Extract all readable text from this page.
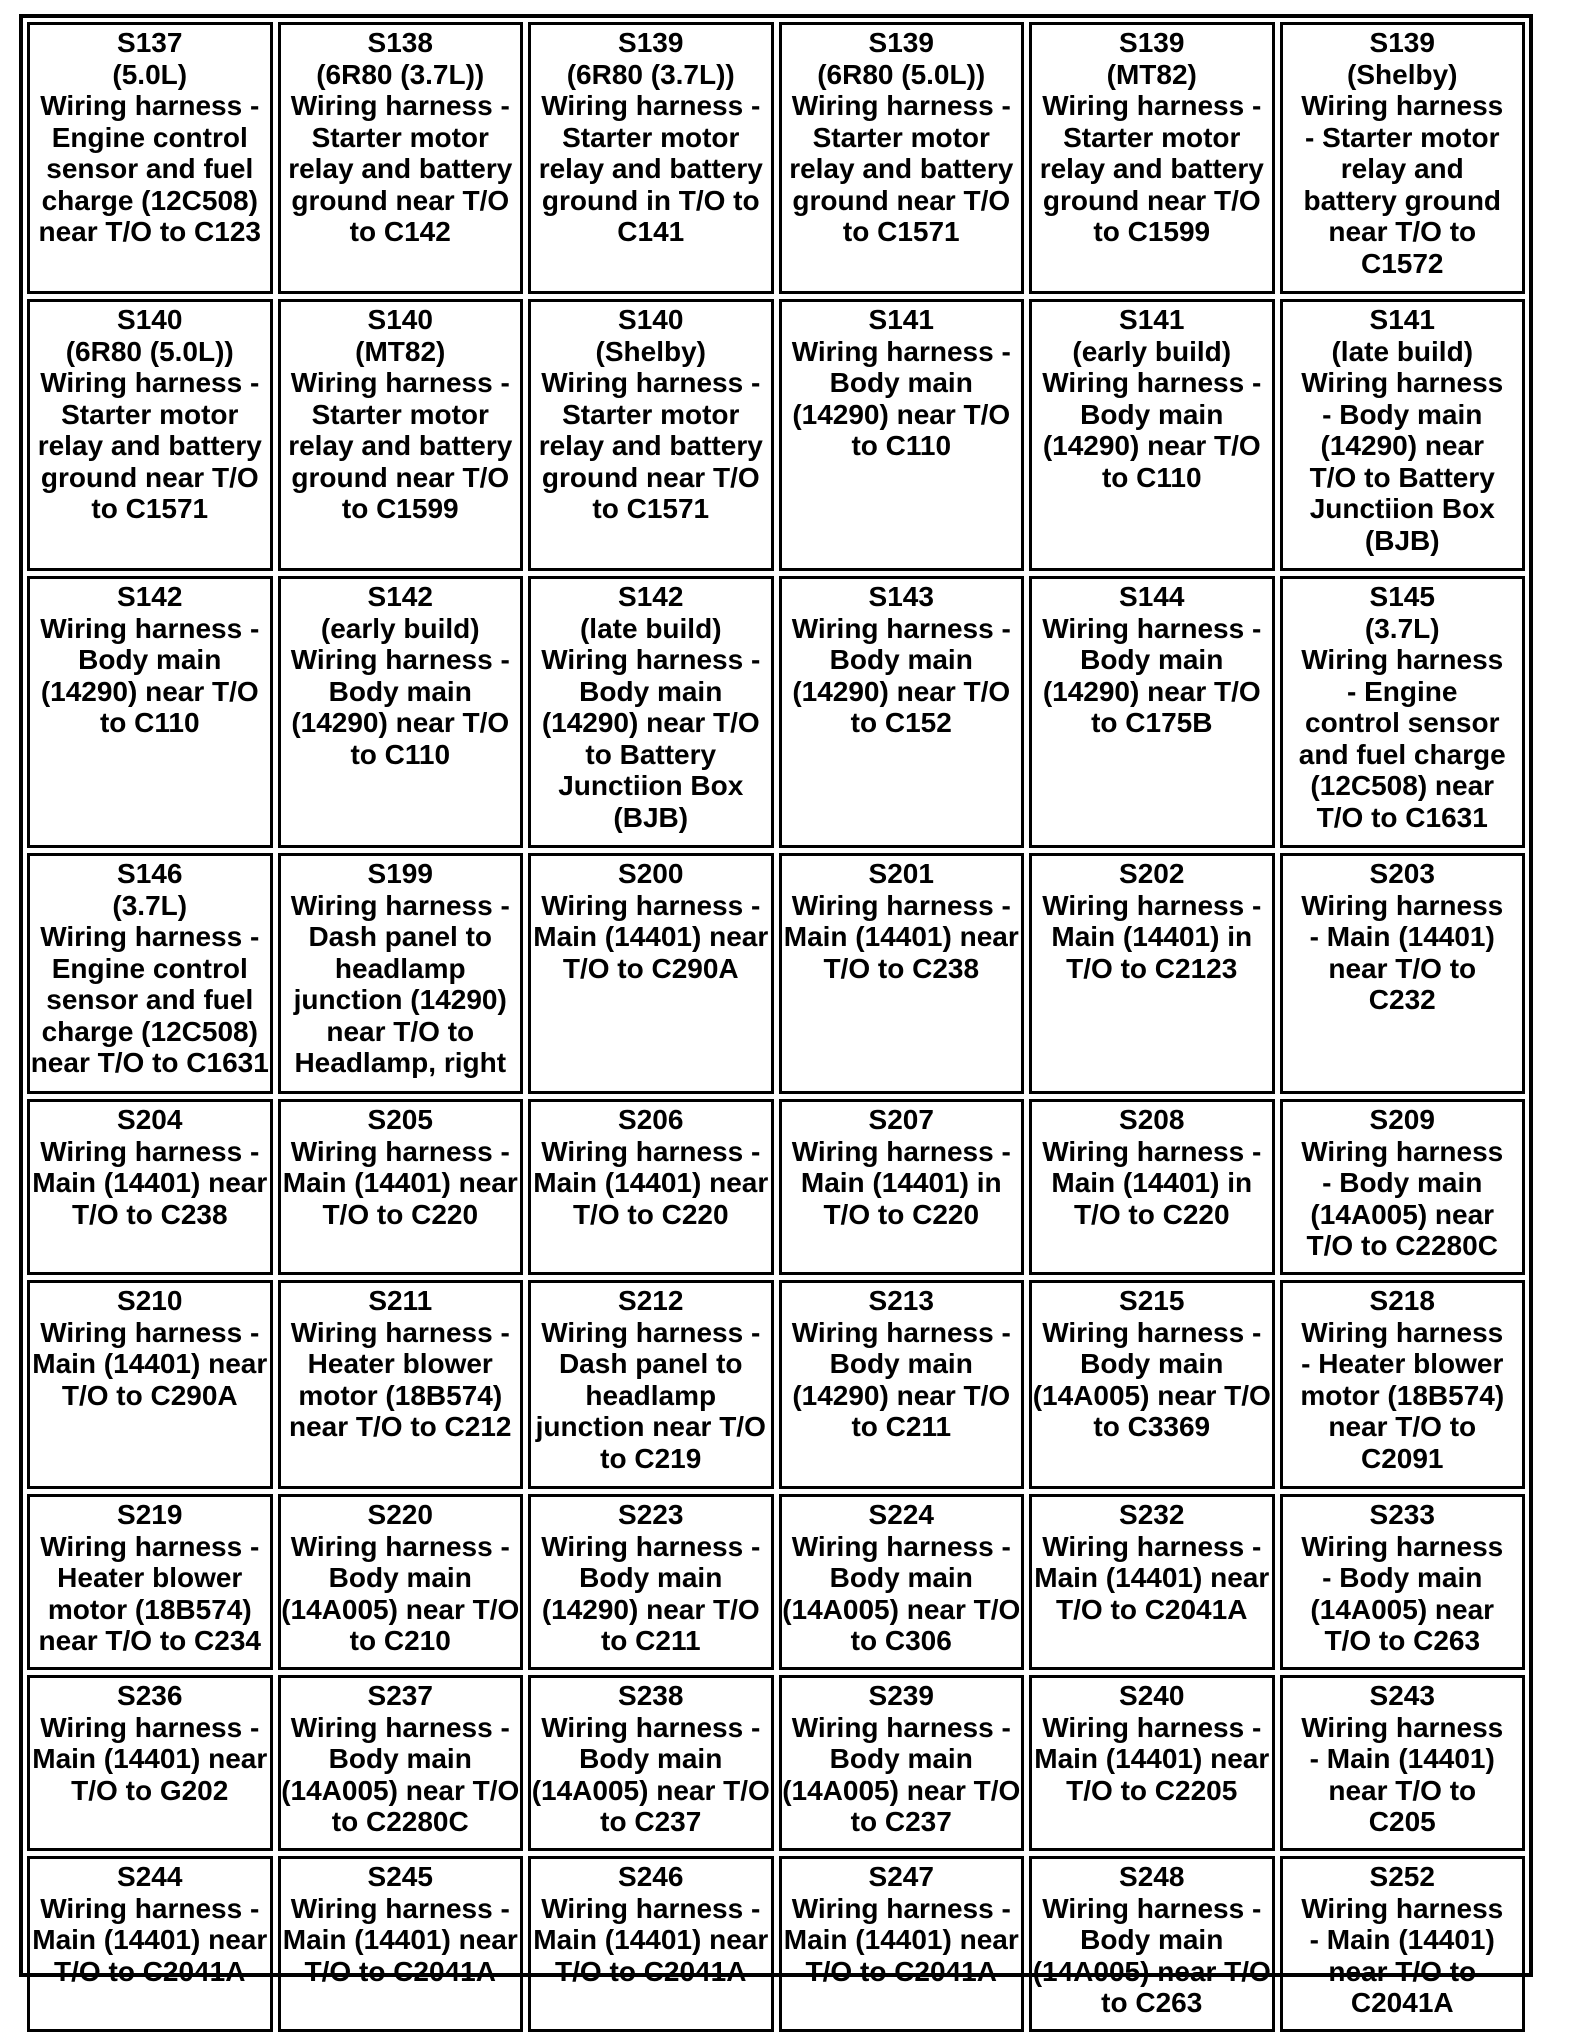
S137
(5.0L)
Wiring harness -
Engine control
sensor and fuel
charge (12C508)
near T/O to C123
S138
(6R80 (3.7L))
Wiring harness -
Starter motor
relay and battery
ground near T/O
to C142
S139
(6R80 (3.7L))
Wiring harness -
Starter motor
relay and battery
ground in T/O to
C141
S139
(6R80 (5.0L))
Wiring harness -
Starter motor
relay and battery
ground near T/O
to C1571
S139
(MT82)
Wiring harness -
Starter motor
relay and battery
ground near T/O
to C1599
S139
(Shelby)
Wiring harness
- Starter motor
relay and
battery ground
near T/O to
C1572
S140
(6R80 (5.0L))
Wiring harness -
Starter motor
relay and battery
ground near T/O
to C1571
S140
(MT82)
Wiring harness -
Starter motor
relay and battery
ground near T/O
to C1599
S140
(Shelby)
Wiring harness -
Starter motor
relay and battery
ground near T/O
to C1571
S141
Wiring harness -
Body main
(14290) near T/O
to C110
S141
(early build)
Wiring harness -
Body main
(14290) near T/O
to C110
S141
(late build)
Wiring harness
- Body main
(14290) near
T/O to Battery
Junctiion Box
(BJB)
S142
Wiring harness -
Body main
(14290) near T/O
to C110
S142
(early build)
Wiring harness -
Body main
(14290) near T/O
to C110
S142
(late build)
Wiring harness -
Body main
(14290) near T/O
to Battery
Junctiion Box
(BJB)
S143
Wiring harness -
Body main
(14290) near T/O
to C152
S144
Wiring harness -
Body main
(14290) near T/O
to C175B
S145
(3.7L)
Wiring harness
- Engine
control sensor
and fuel charge
(12C508) near
T/O to C1631
S146
(3.7L)
Wiring harness -
Engine control
sensor and fuel
charge (12C508)
near T/O to C1631
S199
Wiring harness -
Dash panel to
headlamp
junction (14290)
near T/O to
Headlamp, right
S200
Wiring harness -
Main (14401) near
T/O to C290A
S201
Wiring harness -
Main (14401) near
T/O to C238
S202
Wiring harness -
Main (14401) in
T/O to C2123
S203
Wiring harness
- Main (14401)
near T/O to
C232
S204
Wiring harness -
Main (14401) near
T/O to C238
S205
Wiring harness -
Main (14401) near
T/O to C220
S206
Wiring harness -
Main (14401) near
T/O to C220
S207
Wiring harness -
Main (14401) in
T/O to C220
S208
Wiring harness -
Main (14401) in
T/O to C220
S209
Wiring harness
- Body main
(14A005) near
T/O to C2280C
S210
Wiring harness -
Main (14401) near
T/O to C290A
S211
Wiring harness -
Heater blower
motor (18B574)
near T/O to C212
S212
Wiring harness -
Dash panel to
headlamp
junction near T/O
to C219
S213
Wiring harness -
Body main
(14290) near T/O
to C211
S215
Wiring harness -
Body main
(14A005) near T/O
to C3369
S218
Wiring harness
- Heater blower
motor (18B574)
near T/O to
C2091
S219
Wiring harness -
Heater blower
motor (18B574)
near T/O to C234
S220
Wiring harness -
Body main
(14A005) near T/O
to C210
S223
Wiring harness -
Body main
(14290) near T/O
to C211
S224
Wiring harness -
Body main
(14A005) near T/O
to C306
S232
Wiring harness -
Main (14401) near
T/O to C2041A
S233
Wiring harness
- Body main
(14A005) near
T/O to C263
S236
Wiring harness -
Main (14401) near
T/O to G202
S237
Wiring harness -
Body main
(14A005) near T/O
to C2280C
S238
Wiring harness -
Body main
(14A005) near T/O
to C237
S239
Wiring harness -
Body main
(14A005) near T/O
to C237
S240
Wiring harness -
Main (14401) near
T/O to C2205
S243
Wiring harness
- Main (14401)
near T/O to
C205
S244
Wiring harness -
Main (14401) near
T/O to C2041A
S245
Wiring harness -
Main (14401) near
T/O to C2041A
S246
Wiring harness -
Main (14401) near
T/O to C2041A
S247
Wiring harness -
Main (14401) near
T/O to C2041A
S248
Wiring harness -
Body main
(14A005) near T/O
to C263
S252
Wiring harness
- Main (14401)
near T/O to
C2041A
